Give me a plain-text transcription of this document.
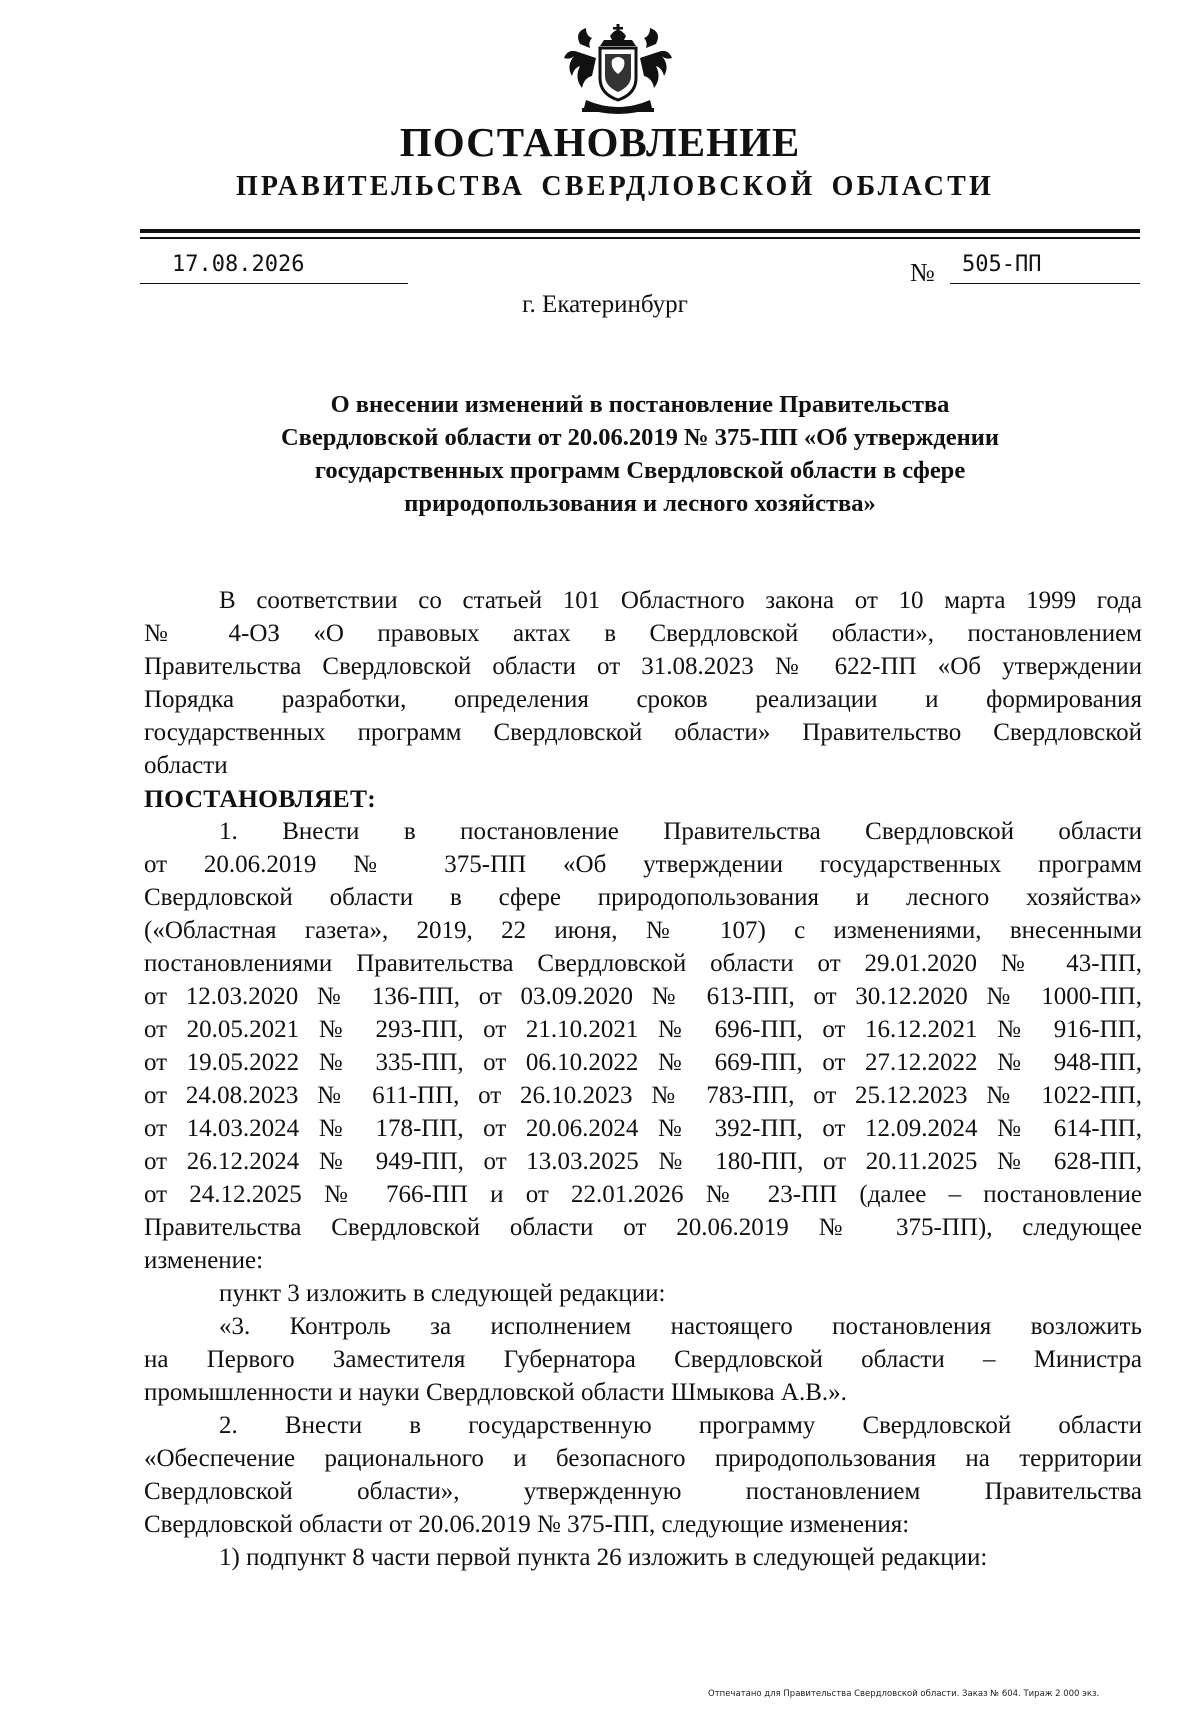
ПОСТАНОВЛЕНИЕ
ПРАВИТЕЛЬСТВА СВЕРДЛОВСКОЙ ОБЛАСТИ
17.08.2026	№	505-ПП
г. Екатеринбург
О внесении изменений в постановление Правительства
Свердловской области от 20.06.2019 № 375-ПП «Об утверждении
государственных программ Свердловской области в сфере
природопользования и лесного хозяйства»
В соответствии со статьей 101 Областного закона от 10 марта 1999 года
№ 4-ОЗ «О правовых актах в Свердловской области», постановлением
Правительства Свердловской области от 31.08.2023 № 622-ПП «Об утверждении
Порядка разработки, определения сроков реализации и формирования
государственных программ Свердловской области» Правительство Свердловской
области
ПОСТАНОВЛЯЕТ:
1. Внести в постановление Правительства Свердловской области
от 20.06.2019 № 375-ПП «Об утверждении государственных программ
Свердловской области в сфере природопользования и лесного хозяйства»
(«Областная газета», 2019, 22 июня, № 107) с изменениями, внесенными
постановлениями Правительства Свердловской области от 29.01.2020 № 43-ПП,
от 12.03.2020 № 136-ПП, от 03.09.2020 № 613-ПП, от 30.12.2020 № 1000-ПП,
от 20.05.2021 № 293-ПП, от 21.10.2021 № 696-ПП, от 16.12.2021 № 916-ПП,
от 19.05.2022 № 335-ПП, от 06.10.2022 № 669-ПП, от 27.12.2022 № 948-ПП,
от 24.08.2023 № 611-ПП, от 26.10.2023 № 783-ПП, от 25.12.2023 № 1022-ПП,
от 14.03.2024 № 178-ПП, от 20.06.2024 № 392-ПП, от 12.09.2024 № 614-ПП,
от 26.12.2024 № 949-ПП, от 13.03.2025 № 180-ПП, от 20.11.2025 № 628-ПП,
от 24.12.2025 № 766-ПП и от 22.01.2026 № 23-ПП (далее – постановление
Правительства Свердловской области от 20.06.2019 № 375-ПП), следующее
изменение:
пункт 3 изложить в следующей редакции:
«3. Контроль за исполнением настоящего постановления возложить
на Первого Заместителя Губернатора Свердловской области – Министра
промышленности и науки Свердловской области Шмыкова А.В.».
2. Внести в государственную программу Свердловской области
«Обеспечение рационального и безопасного природопользования на территории
Свердловской области», утвержденную постановлением Правительства
Свердловской области от 20.06.2019 № 375-ПП, следующие изменения:
1) подпункт 8 части первой пункта 26 изложить в следующей редакции:
Отпечатано для Правительства Свердловской области. Заказ № 604. Тираж 2 000 экз.
